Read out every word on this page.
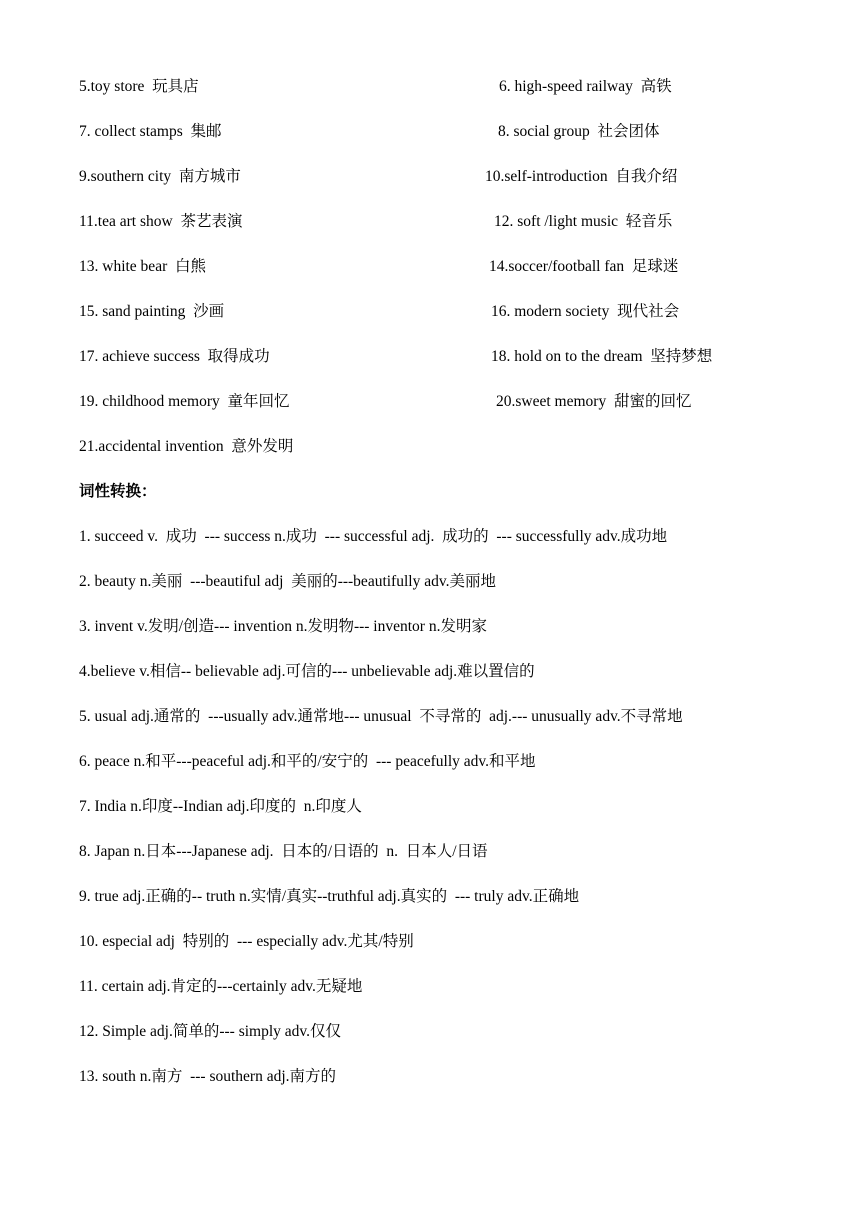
5.toy store  玩具店	6. high-speed railway  高铁
7. collect stamps  集邮	8. social group  社会团体
9.southern city  南方城市	10.self-introduction  自我介绍
11.tea art show  茶艺表演	12. soft /light music  轻音乐
13. white bear  白熊	14.soccer/football fan  足球迷
15. sand painting  沙画	16. modern society  现代社会
17. achieve success  取得成功	18. hold on to the dream  坚持梦想
19. childhood memory  童年回忆	20.sweet memory  甜蜜的回忆
21.accidental invention  意外发明
词性转换：
1. succeed v.  成功  --- success n.成功  --- successful adj.  成功的  --- successfully adv.成功地
2. beauty n.美丽  ---beautiful adj  美丽的---beautifully adv.美丽地
3. invent v.发明/创造--- invention n.发明物--- inventor n.发明家
4.believe v.相信-- believable adj.可信的--- unbelievable adj.难以置信的
5. usual adj.通常的  ---usually adv.通常地--- unusual  不寻常的  adj.--- unusually adv.不寻常地
6. peace n.和平---peaceful adj.和平的/安宁的  --- peacefully adv.和平地
7. India n.印度--Indian adj.印度的  n.印度人
8. Japan n.日本---Japanese adj.  日本的/日语的  n.  日本人/日语
9. true adj.正确的-- truth n.实情/真实--truthful adj.真实的  --- truly adv.正确地
10. especial adj  特别的  --- especially adv.尤其/特别
11. certain adj.肯定的---certainly adv.无疑地
12. Simple adj.简单的--- simply adv.仅仅
13. south n.南方  --- southern adj.南方的
